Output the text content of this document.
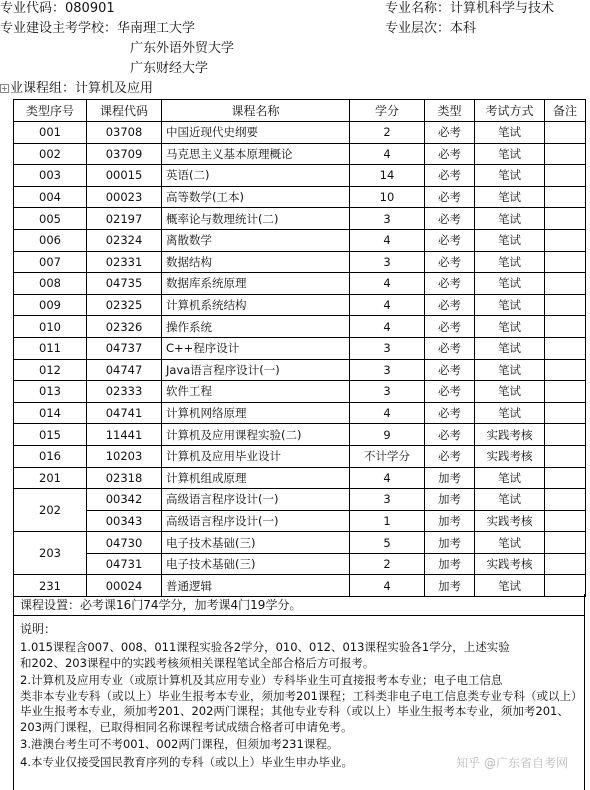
专业代码：080901	专业名称：计算机科学与技术
专业建设主考学校：华南理工大学	专业层次：本科
广东外语外贸大学
广东财经大学
+ 业课程组：计算机及应用
类型序号	课程代码	课程名称	学分	类型	考试方式	备注
001	03708	中国近现代史纲要	2	必考	笔试	
002	03709	马克思主义基本原理概论	4	必考	笔试	
003	00015	英语(二)	14	必考	笔试	
004	00023	高等数学(工本)	10	必考	笔试	
005	02197	概率论与数理统计(二)	3	必考	笔试	
006	02324	离散数学	4	必考	笔试	
007	02331	数据结构	3	必考	笔试	
008	04735	数据库系统原理	4	必考	笔试	
009	02325	计算机系统结构	4	必考	笔试	
010	02326	操作系统	4	必考	笔试	
011	04737	C++程序设计	3	必考	笔试	
012	04747	Java语言程序设计(一)	3	必考	笔试	
013	02333	软件工程	3	必考	笔试	
014	04741	计算机网络原理	4	必考	笔试	
015	11441	计算机及应用课程实验(二)	9	必考	实践考核	
016	10203	计算机及应用毕业设计	不计学分	必考	实践考核	
201	02318	计算机组成原理	4	加考	笔试	
202	00342	高级语言程序设计(一)	3	加考	笔试	
	00343	高级语言程序设计(一)	1	加考	实践考核	
203	04730	电子技术基础(三)	5	加考	笔试	
	04731	电子技术基础(三)	2	加考	实践考核	
231	00024	普通逻辑	4	加考	笔试	
课程设置：必考课16门74学分，加考课4门19学分。
说明：
1.015课程含007、008、011课程实验各2学分，010、012、013课程实验各1学分，上述实验
和202、203课程中的实践考核须相关课程笔试全部合格后方可报考。
2.计算机及应用专业（或原计算机及其应用专业）专科毕业生可直接报考本专业；电子电工信息
类非本专业专科（或以上）毕业生报考本专业，须加考201课程；工科类非电子电工信息类专业专科（或以上）毕业生报考本专业，须加考201、202两门课程；其他专业专科（或以上）毕业生报考本专业，须加考201、203两门课程，已取得相同名称课程考试成绩合格者可申请免考。
3.港澳台考生可不考001、002两门课程，但须加考231课程。
4.本专业仅接受国民教育序列的专科（或以上）毕业生申办毕业。	知乎 @广东省自考网
